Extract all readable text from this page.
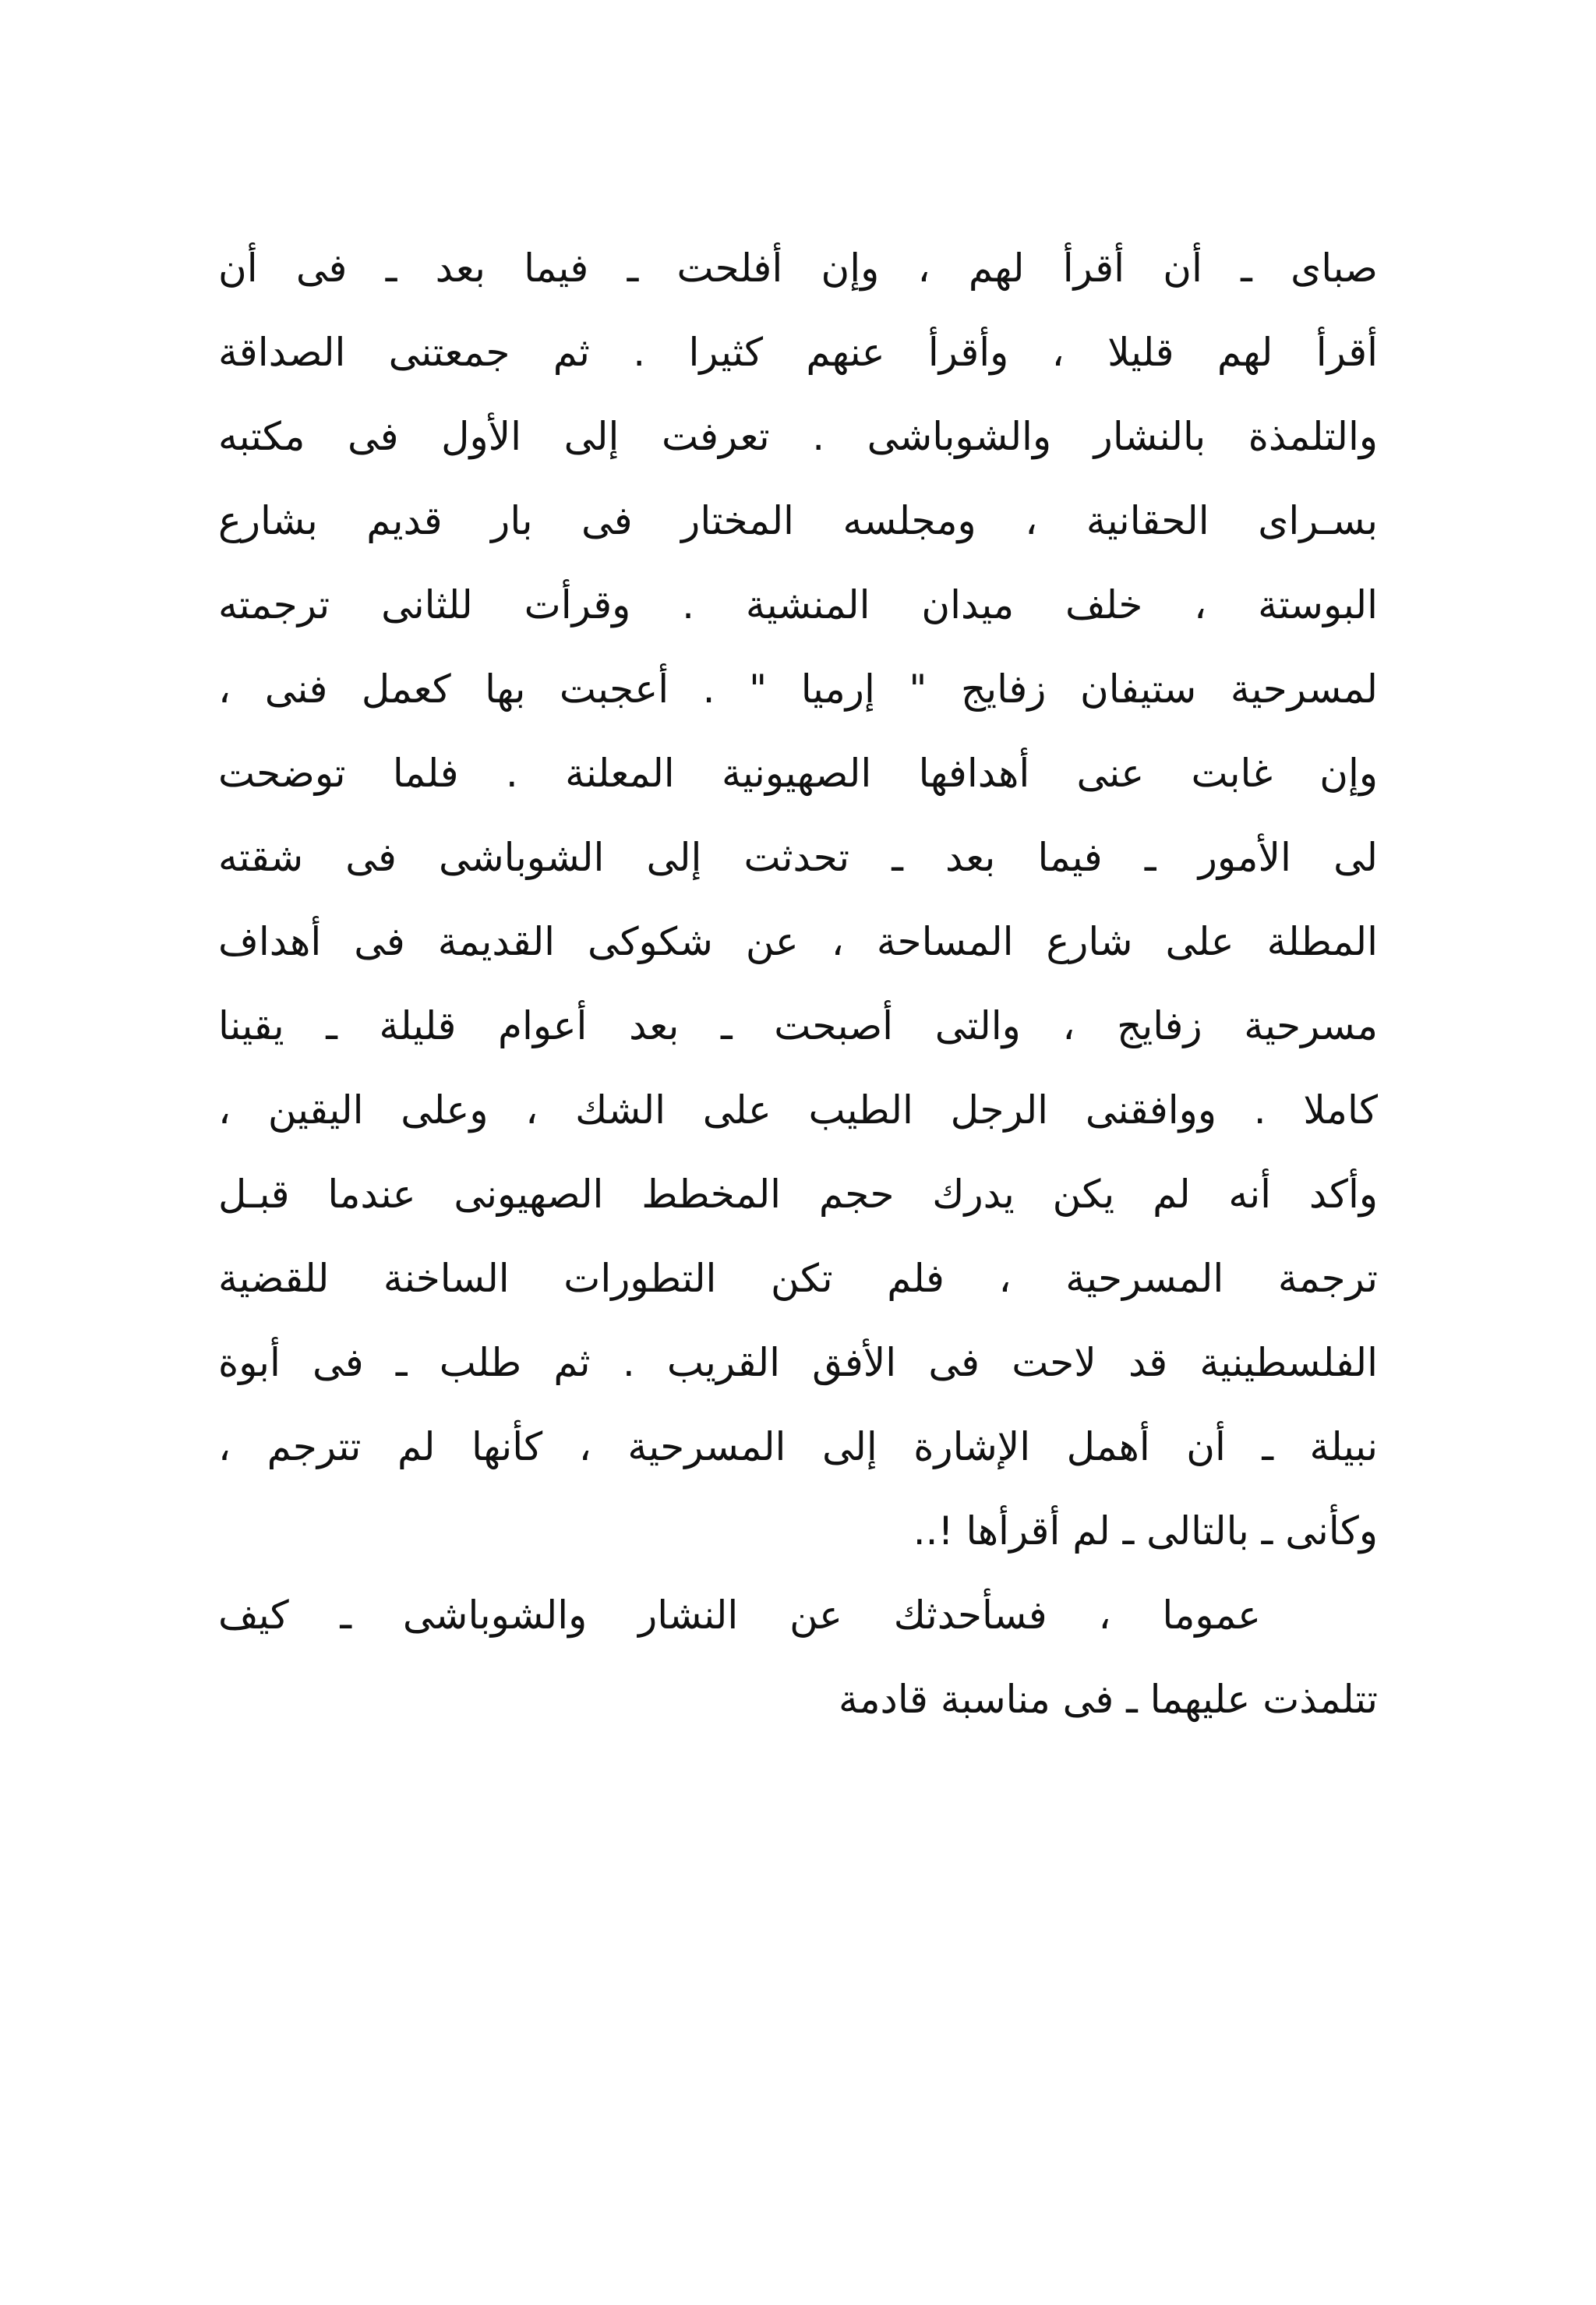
صباى ـ أن أقرأ لهم ، وإن أفلحت ـ فيما بعد ـ فى أن
أقرأ لهم قليلا ، وأقرأ عنهم كثيرا . ثم جمعتنى الصداقة
والتلمذة بالنشار والشوباشى . تعرفت إلى الأول فى مكتبه
بسـراى الحقانية ، ومجلسه المختار فى بار قديم بشارع
البوستة ، خلف ميدان المنشية . وقرأت للثانى ترجمته
لمسرحية ستيفان زفايج " إرميا " . أعجبت بها كعمل فنى ،
وإن غابت عنى أهدافها الصهيونية المعلنة . فلما توضحت
لى الأمور ـ فيما بعد ـ تحدثت إلى الشوباشى فى شقته
المطلة على شارع المساحة ، عن شكوكى القديمة فى أهداف
مسرحية زفايج ، والتى أصبحت ـ بعد أعوام قليلة ـ يقينا
كاملا . ووافقنى الرجل الطيب على الشك ، وعلى اليقين ،
وأكد أنه لم يكن يدرك حجم المخطط الصهيونى عندما قبـل
ترجمة المسرحية ، فلم تكن التطورات الساخنة للقضية
الفلسطينية قد لاحت فى الأفق القريب . ثم طلب ـ فى أبوة
نبيلة ـ أن أهمل الإشارة إلى المسرحية ، كأنها لم تترجم ،
وكأنى ـ بالتالى ـ لم أقرأها !..
عموما ، فسأحدثك عن النشار والشوباشى ـ كيف
تتلمذت عليهما ـ فى مناسبة قادمة
